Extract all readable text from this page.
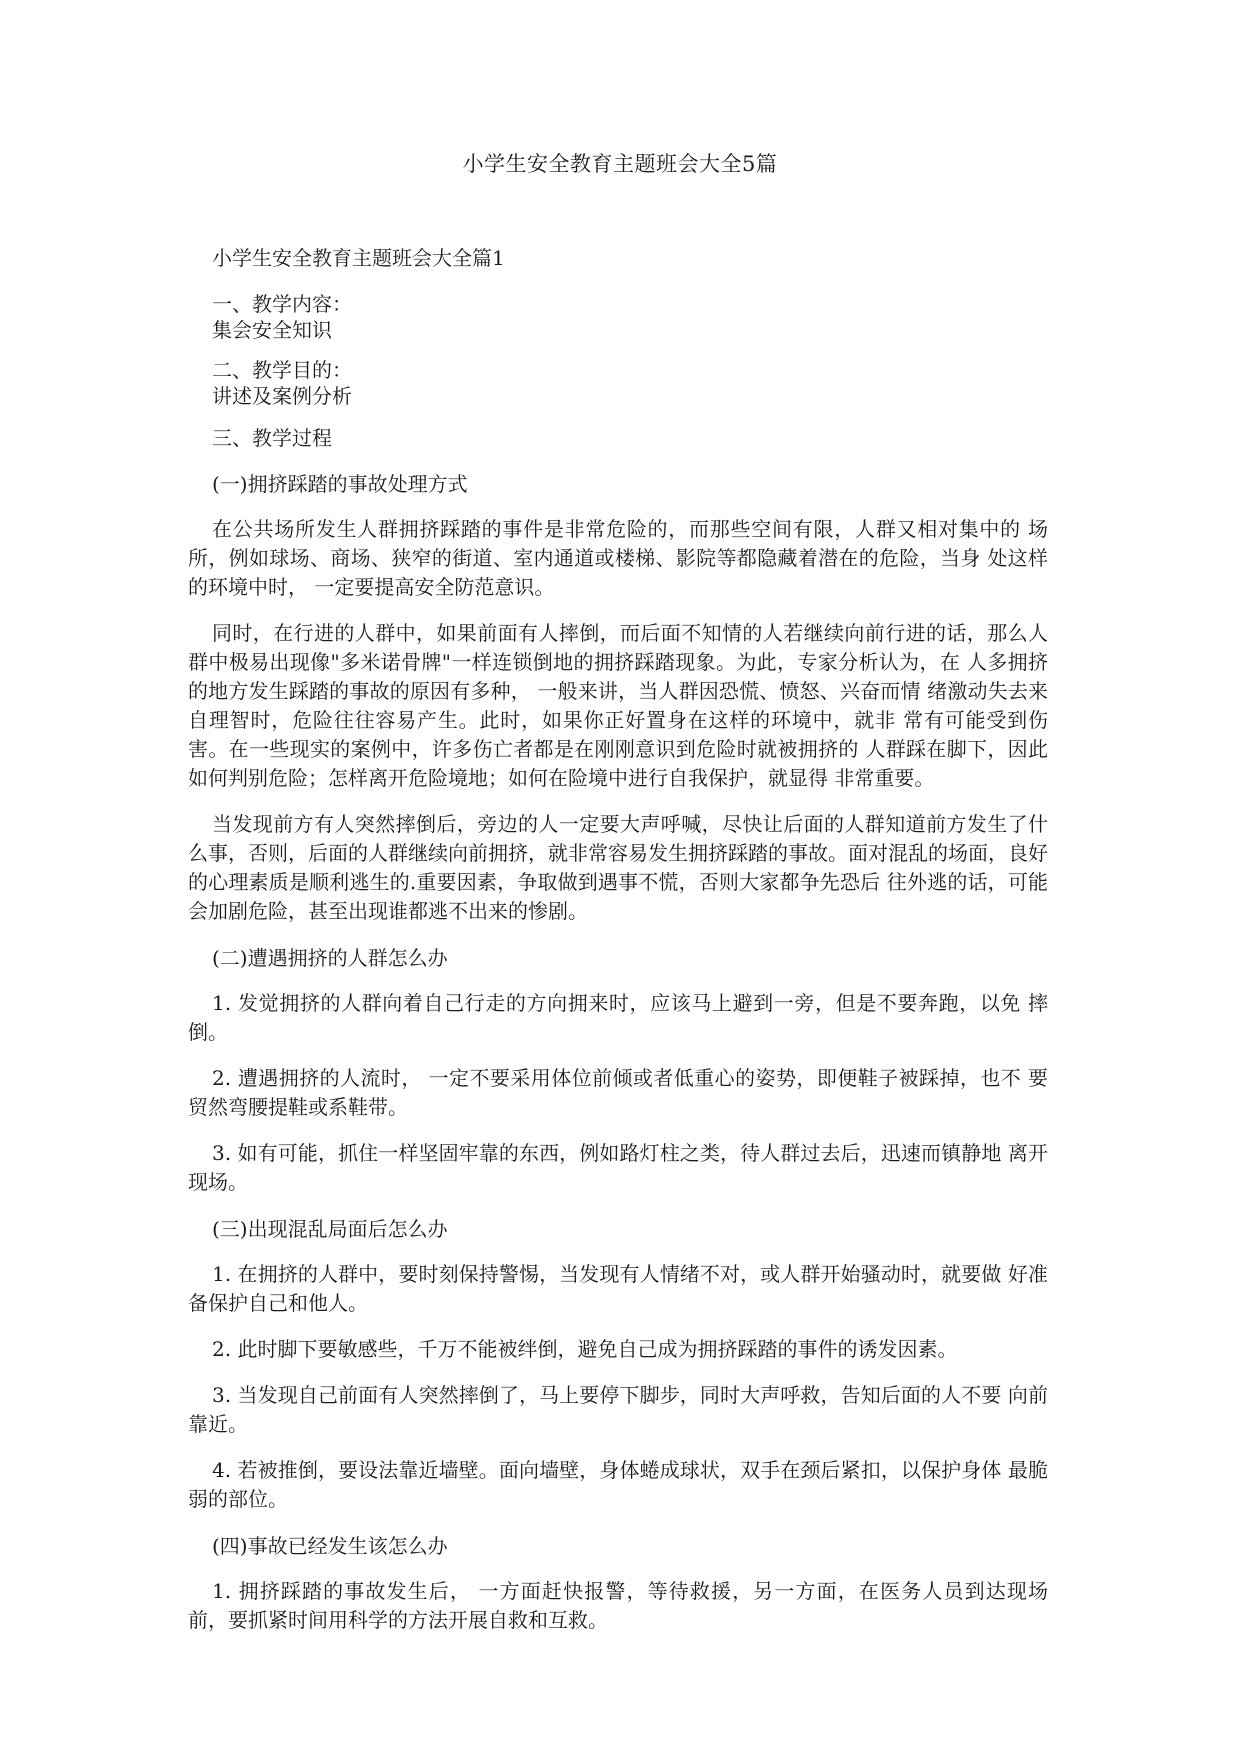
小学生安全教育主题班会大全5篇
小学生安全教育主题班会大全篇1
一、教学内容： 集会安全知识
二、教学目的： 讲述及案例分析
三、教学过程
(一)拥挤踩踏的事故处理方式
在公共场所发生人群拥挤踩踏的事件是非常危险的，而那些空间有限，人群又相对集中的 场所，例如球场、商场、狭窄的街道、室内通道或楼梯、影院等都隐藏着潜在的危险，当身 处这样的环境中时， 一定要提高安全防范意识。
同时，在行进的人群中，如果前面有人摔倒，而后面不知情的人若继续向前行进的话，那么人群中极易出现像"多米诺骨牌"一样连锁倒地的拥挤踩踏现象。为此，专家分析认为，在 人多拥挤的地方发生踩踏的事故的原因有多种， 一般来讲，当人群因恐慌、愤怒、兴奋而情 绪激动失去来自理智时，危险往往容易产生。此时，如果你正好置身在这样的环境中，就非 常有可能受到伤害。在一些现实的案例中，许多伤亡者都是在刚刚意识到危险时就被拥挤的 人群踩在脚下，因此如何判别危险；怎样离开危险境地；如何在险境中进行自我保护，就显得 非常重要。
当发现前方有人突然摔倒后，旁边的人一定要大声呼喊，尽快让后面的人群知道前方发生了什么事，否则，后面的人群继续向前拥挤，就非常容易发生拥挤踩踏的事故。面对混乱的场面，良好的心理素质是顺利逃生的.重要因素，争取做到遇事不慌，否则大家都争先恐后 往外逃的话，可能会加剧危险，甚至出现谁都逃不出来的惨剧。
(二)遭遇拥挤的人群怎么办
1. 发觉拥挤的人群向着自己行走的方向拥来时，应该马上避到一旁，但是不要奔跑，以免 摔倒。
2. 遭遇拥挤的人流时， 一定不要采用体位前倾或者低重心的姿势，即便鞋子被踩掉，也不 要贸然弯腰提鞋或系鞋带。
3. 如有可能，抓住一样坚固牢靠的东西，例如路灯柱之类，待人群过去后，迅速而镇静地 离开现场。
(三)出现混乱局面后怎么办
1. 在拥挤的人群中，要时刻保持警惕，当发现有人情绪不对，或人群开始骚动时，就要做 好准备保护自己和他人。
2. 此时脚下要敏感些，千万不能被绊倒，避免自己成为拥挤踩踏的事件的诱发因素。
3. 当发现自己前面有人突然摔倒了，马上要停下脚步，同时大声呼救，告知后面的人不要 向前靠近。
4. 若被推倒，要设法靠近墙壁。面向墙壁，身体蜷成球状，双手在颈后紧扣，以保护身体 最脆弱的部位。
(四)事故已经发生该怎么办
1. 拥挤踩踏的事故发生后， 一方面赶快报警，等待救援，另一方面，在医务人员到达现场 前，要抓紧时间用科学的方法开展自救和互救。
